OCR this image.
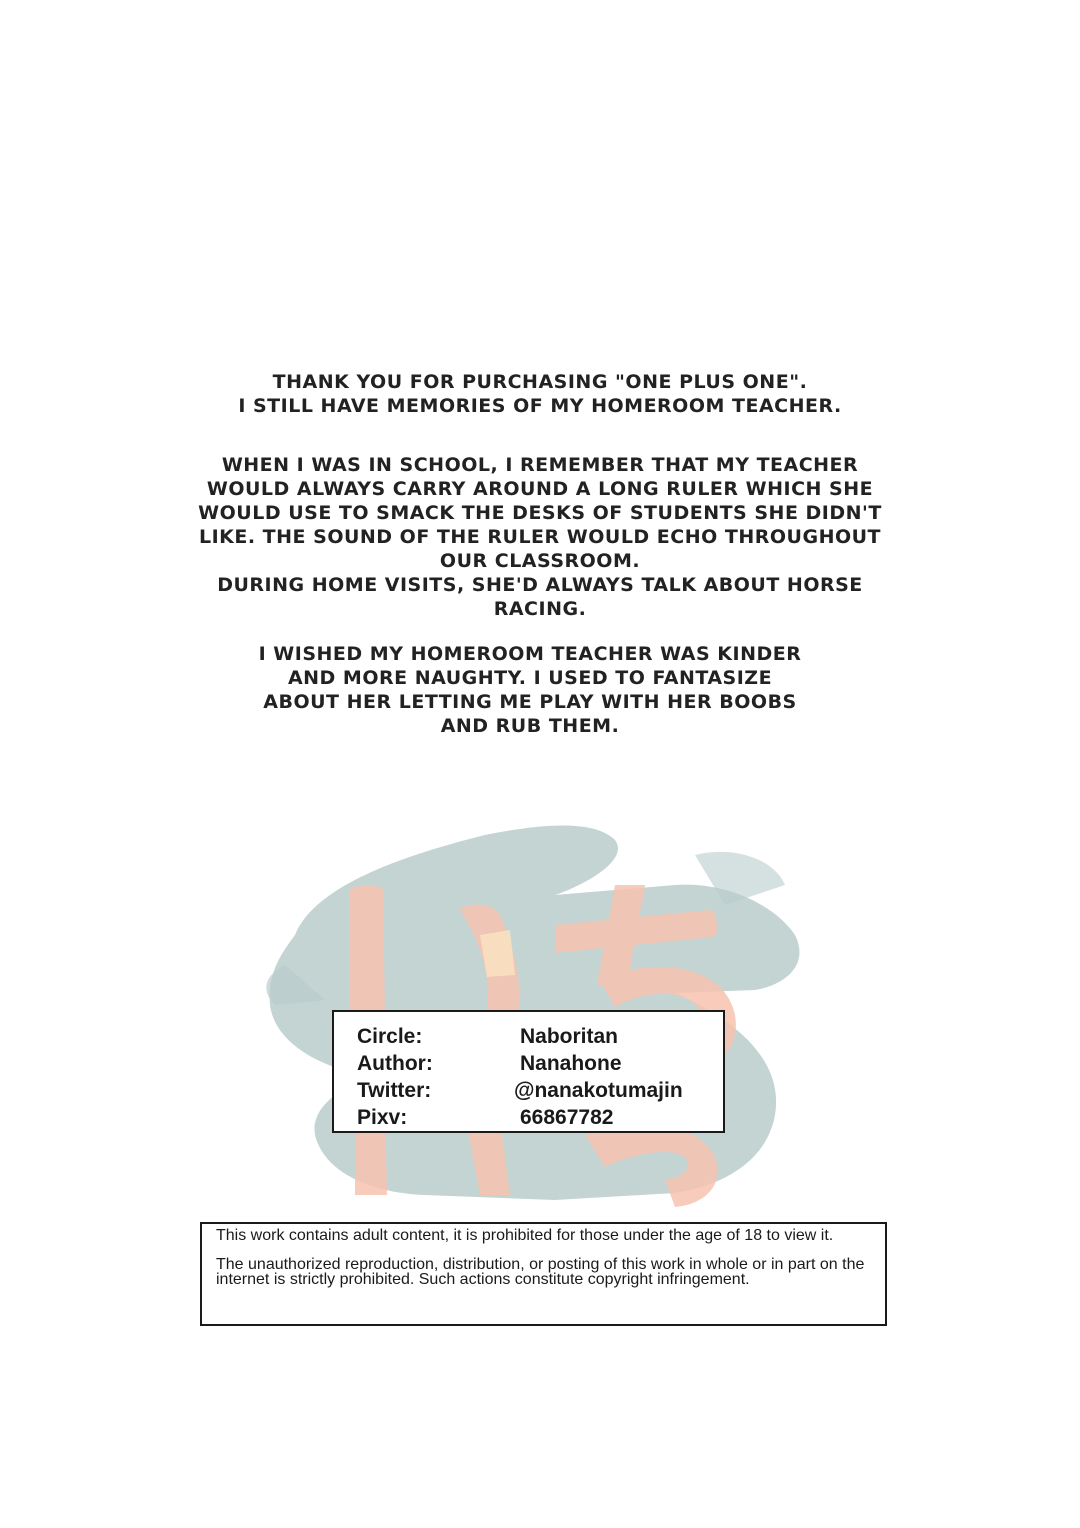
THANK YOU FOR PURCHASING "ONE PLUS ONE".
I STILL HAVE MEMORIES OF MY HOMEROOM TEACHER.
WHEN I WAS IN SCHOOL, I REMEMBER THAT MY TEACHER
WOULD ALWAYS CARRY AROUND A LONG RULER WHICH SHE
WOULD USE TO SMACK THE DESKS OF STUDENTS SHE DIDN'T
LIKE. THE SOUND OF THE RULER WOULD ECHO THROUGHOUT
OUR CLASSROOM.
DURING HOME VISITS, SHE'D ALWAYS TALK ABOUT HORSE
RACING.
I WISHED MY HOMEROOM TEACHER WAS KINDER
AND MORE NAUGHTY. I USED TO FANTASIZE
ABOUT HER LETTING ME PLAY WITH HER BOOBS
AND RUB THEM.
Circle:	Naboritan
Author:	Nanahone
Twitter:	@nanakotumajin
Pixv:	66867782

This work contains adult content, it is prohibited for those under the age of 18 to view it.

The unauthorized reproduction, distribution, or posting of this work in whole or in part on the internet is strictly prohibited. Such actions constitute copyright infringement.
